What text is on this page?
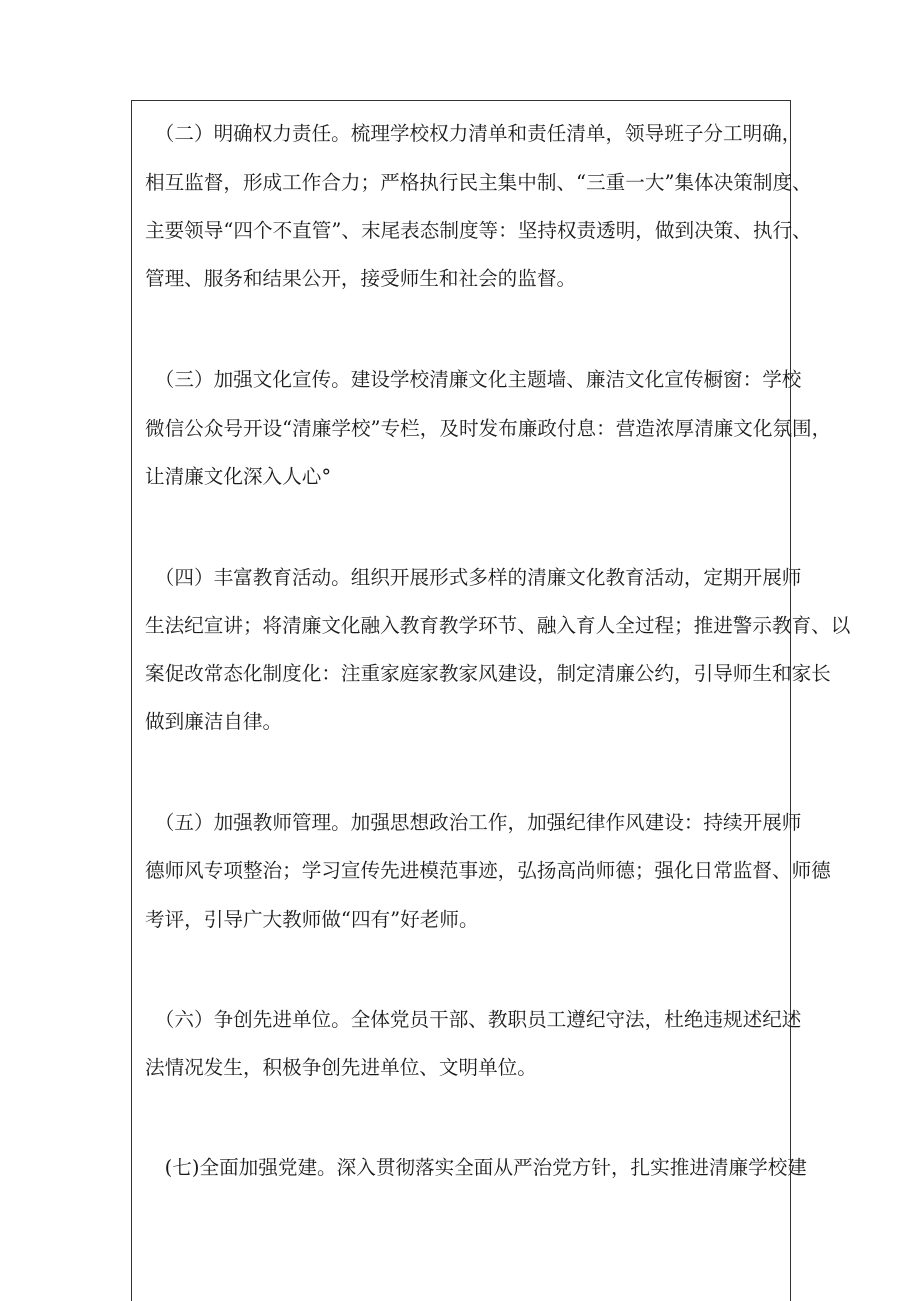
　（二）明确权力责任。梳理学校权力清单和责任清单，领导班子分工明确，
相互监督，形成工作合力；严格执行民主集中制、“三重一大”集体决策制度、
主要领导“四个不直管”、末尾表态制度等：坚持权责透明，做到决策、执行、
管理、服务和结果公开，接受师生和社会的监督。
　（三）加强文化宣传。建设学校清廉文化主题墙、廉洁文化宣传橱窗：学校
微信公众号开设“清廉学校”专栏，及时发布廉政付息：营造浓厚清廉文化氛围，
让清廉文化深入人心°
　（四）丰富教育活动。组织开展形式多样的清廉文化教育活动，定期开展师
生法纪宣讲；将清廉文化融入教育教学环节、融入育人全过程；推进警示教育、以
案促改常态化制度化：注重家庭家教家风建设，制定清廉公约，引导师生和家长
做到廉洁自律。
　（五）加强教师管理。加强思想政治工作，加强纪律作风建设：持续开展师
德师风专项整治；学习宣传先进模范事迹，弘扬高尚师德；强化日常监督、师德
考评，引导广大教师做“四有”好老师。
　（六）争创先进单位。全体党员干部、教职员工遵纪守法，杜绝违规述纪述
法情况发生，积极争创先进单位、文明单位。
　(七)全面加强党建。深入贯彻落实全面从严治党方针，扎实推进清廉学校建
